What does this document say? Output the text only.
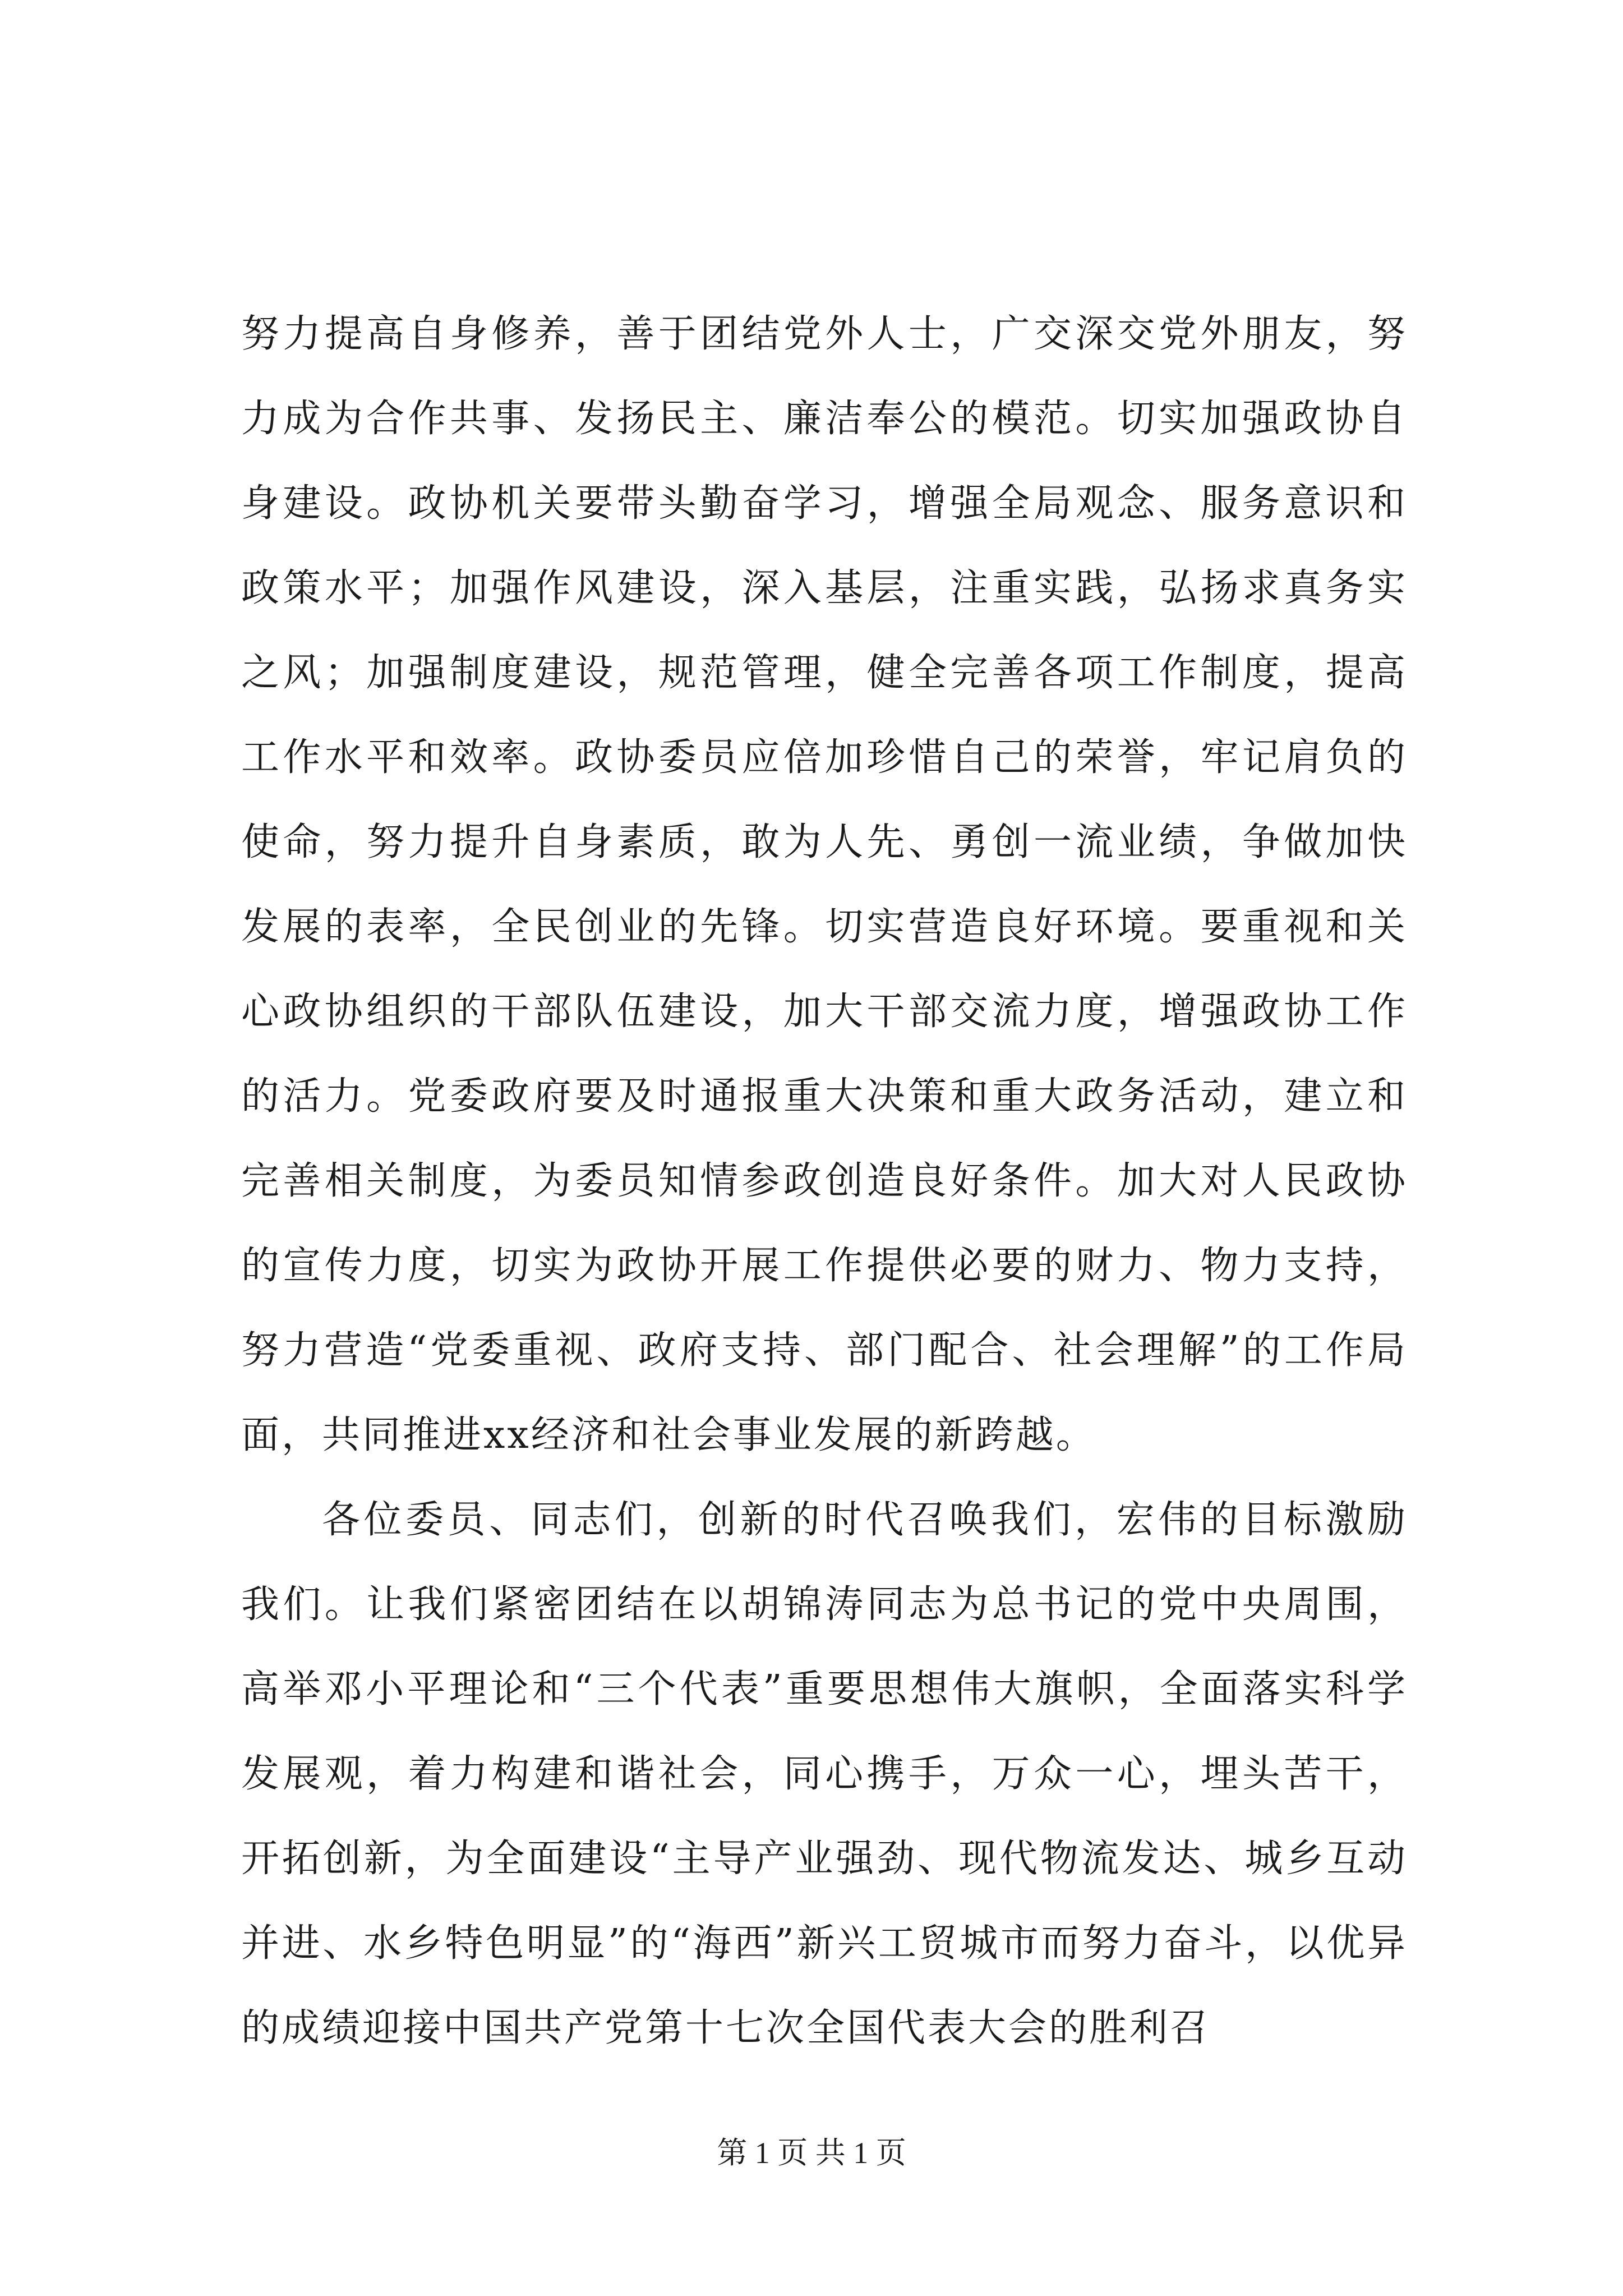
努力提高自身修养，善于团结党外人士，广交深交党外朋友，努力成为合作共事、发扬民主、廉洁奉公的模范。切实加强政协自身建设。政协机关要带头勤奋学习，增强全局观念、服务意识和政策水平；加强作风建设，深入基层，注重实践，弘扬求真务实之风；加强制度建设，规范管理，健全完善各项工作制度，提高工作水平和效率。政协委员应倍加珍惜自己的荣誉，牢记肩负的使命，努力提升自身素质，敢为人先、勇创一流业绩，争做加快发展的表率，全民创业的先锋。切实营造良好环境。要重视和关心政协组织的干部队伍建设，加大干部交流力度，增强政协工作的活力。党委政府要及时通报重大决策和重大政务活动，建立和完善相关制度，为委员知情参政创造良好条件。加大对人民政协的宣传力度，切实为政协开展工作提供必要的财力、物力支持，努力营造“党委重视、政府支持、部门配合、社会理解”的工作局面，共同推进xx经济和社会事业发展的新跨越。

各位委员、同志们，创新的时代召唤我们，宏伟的目标激励我们。让我们紧密团结在以胡锦涛同志为总书记的党中央周围，高举邓小平理论和“三个代表”重要思想伟大旗帜，全面落实科学发展观，着力构建和谐社会，同心携手，万众一心，埋头苦干，开拓创新，为全面建设“主导产业强劲、现代物流发达、城乡互动并进、水乡特色明显”的“海西”新兴工贸城市而努力奋斗，以优异的成绩迎接中国共产党第十七次全国代表大会的胜利召

第 1 页 共 1 页
